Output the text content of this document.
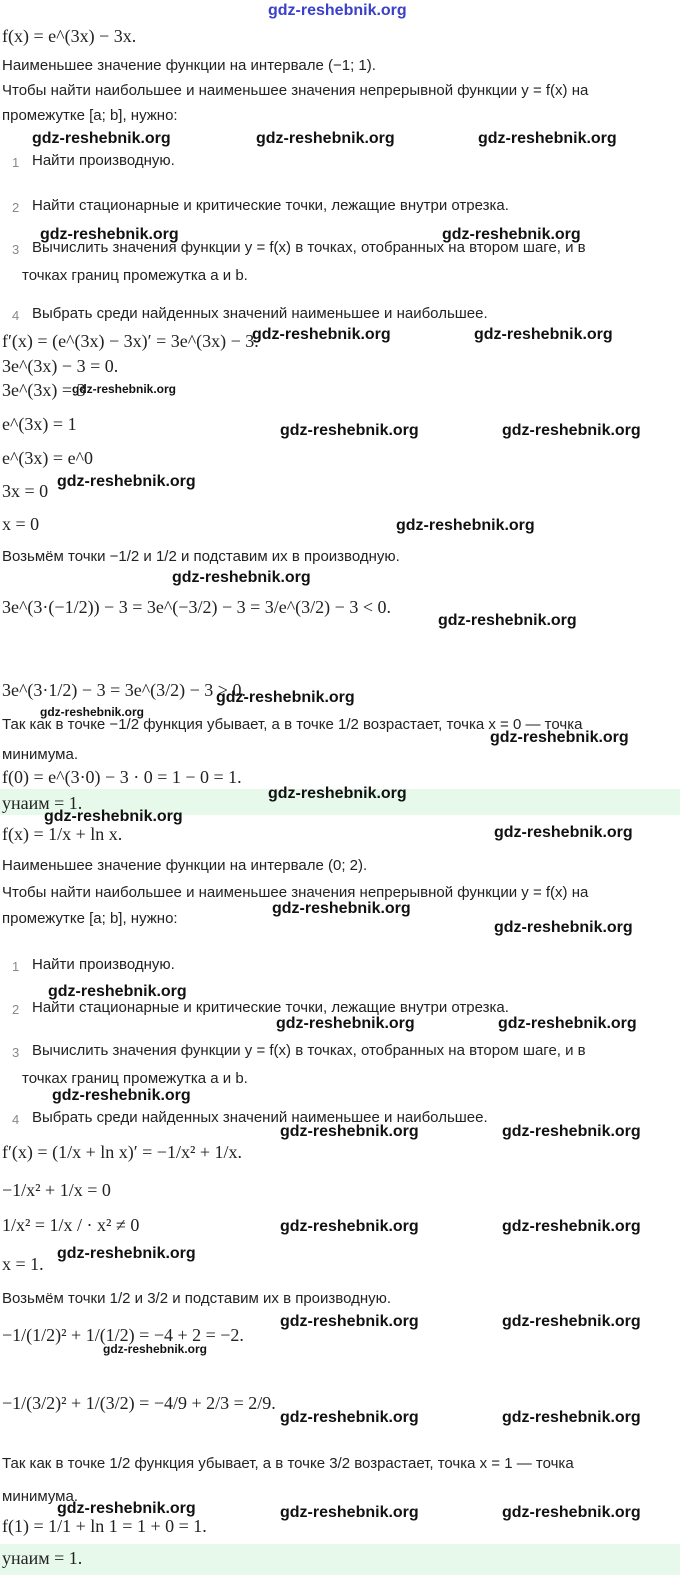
f(x) = e^(3x) − 3x.
Наименьшее значение функции на интервале (−1; 1).
Чтобы найти наибольшее и наименьшее значения непрерывной функции y = f(x) на
промежутке [a; b], нужно:
1 Найти производную.
2 Найти стационарные и критические точки, лежащие внутри отрезка.
3 Вычислить значения функции y = f(x) в точках, отобранных на втором шаге, и в
точках границ промежутка a и b.
4 Выбрать среди найденных значений наименьшее и наибольшее.
f′(x) = (e^(3x) − 3x)′ = 3e^(3x) − 3.
3e^(3x) − 3 = 0.
3e^(3x) = 3
e^(3x) = 1
e^(3x) = e^0
3x = 0
x = 0
Возьмём точки −1/2 и 1/2 и подставим их в производную.
3e^(3·(−1/2)) − 3 = 3e^(−3/2) − 3 = 3/e^(3/2) − 3 < 0.
3e^(3·1/2) − 3 = 3e^(3/2) − 3 > 0.
Так как в точке −1/2 функция убывает, а в точке 1/2 возрастает, точка x = 0 — точка
минимума.
f(0) = e^(3·0) − 3 · 0 = 1 − 0 = 1.
yнаим = 1.
f(x) = 1/x + ln x.
Наименьшее значение функции на интервале (0; 2).
Чтобы найти наибольшее и наименьшее значения непрерывной функции y = f(x) на
промежутке [a; b], нужно:
1 Найти производную.
2 Найти стационарные и критические точки, лежащие внутри отрезка.
3 Вычислить значения функции y = f(x) в точках, отобранных на втором шаге, и в
точках границ промежутка a и b.
4 Выбрать среди найденных значений наименьшее и наибольшее.
f′(x) = (1/x + ln x)′ = −1/x² + 1/x.
−1/x² + 1/x = 0
1/x² = 1/x / · x² ≠ 0
x = 1.
Возьмём точки 1/2 и 3/2 и подставим их в производную.
−1/(1/2)² + 1/(1/2) = −4 + 2 = −2.
−1/(3/2)² + 1/(3/2) = −4/9 + 2/3 = 2/9.
Так как в точке 1/2 функция убывает, а в точке 3/2 возрастает, точка x = 1 — точка
минимума.
f(1) = 1/1 + ln 1 = 1 + 0 = 1.
yнаим = 1.
gdz-reshebnik.org
gdz-reshebnik.org	gdz-reshebnik.org	gdz-reshebnik.org
gdz-reshebnik.org	gdz-reshebnik.org
gdz-reshebnik.org	gdz-reshebnik.org
gdz-reshebnik.org
gdz-reshebnik.org	gdz-reshebnik.org
gdz-reshebnik.org
gdz-reshebnik.org
gdz-reshebnik.org
gdz-reshebnik.org
gdz-reshebnik.org
gdz-reshebnik.org
gdz-reshebnik.org
gdz-reshebnik.org
gdz-reshebnik.org
gdz-reshebnik.org
gdz-reshebnik.org
gdz-reshebnik.org
gdz-reshebnik.org
gdz-reshebnik.org	gdz-reshebnik.org
gdz-reshebnik.org
gdz-reshebnik.org	gdz-reshebnik.org
gdz-reshebnik.org	gdz-reshebnik.org
gdz-reshebnik.org
gdz-reshebnik.org	gdz-reshebnik.org
gdz-reshebnik.org
gdz-reshebnik.org	gdz-reshebnik.org
gdz-reshebnik.org	gdz-reshebnik.org	gdz-reshebnik.org
